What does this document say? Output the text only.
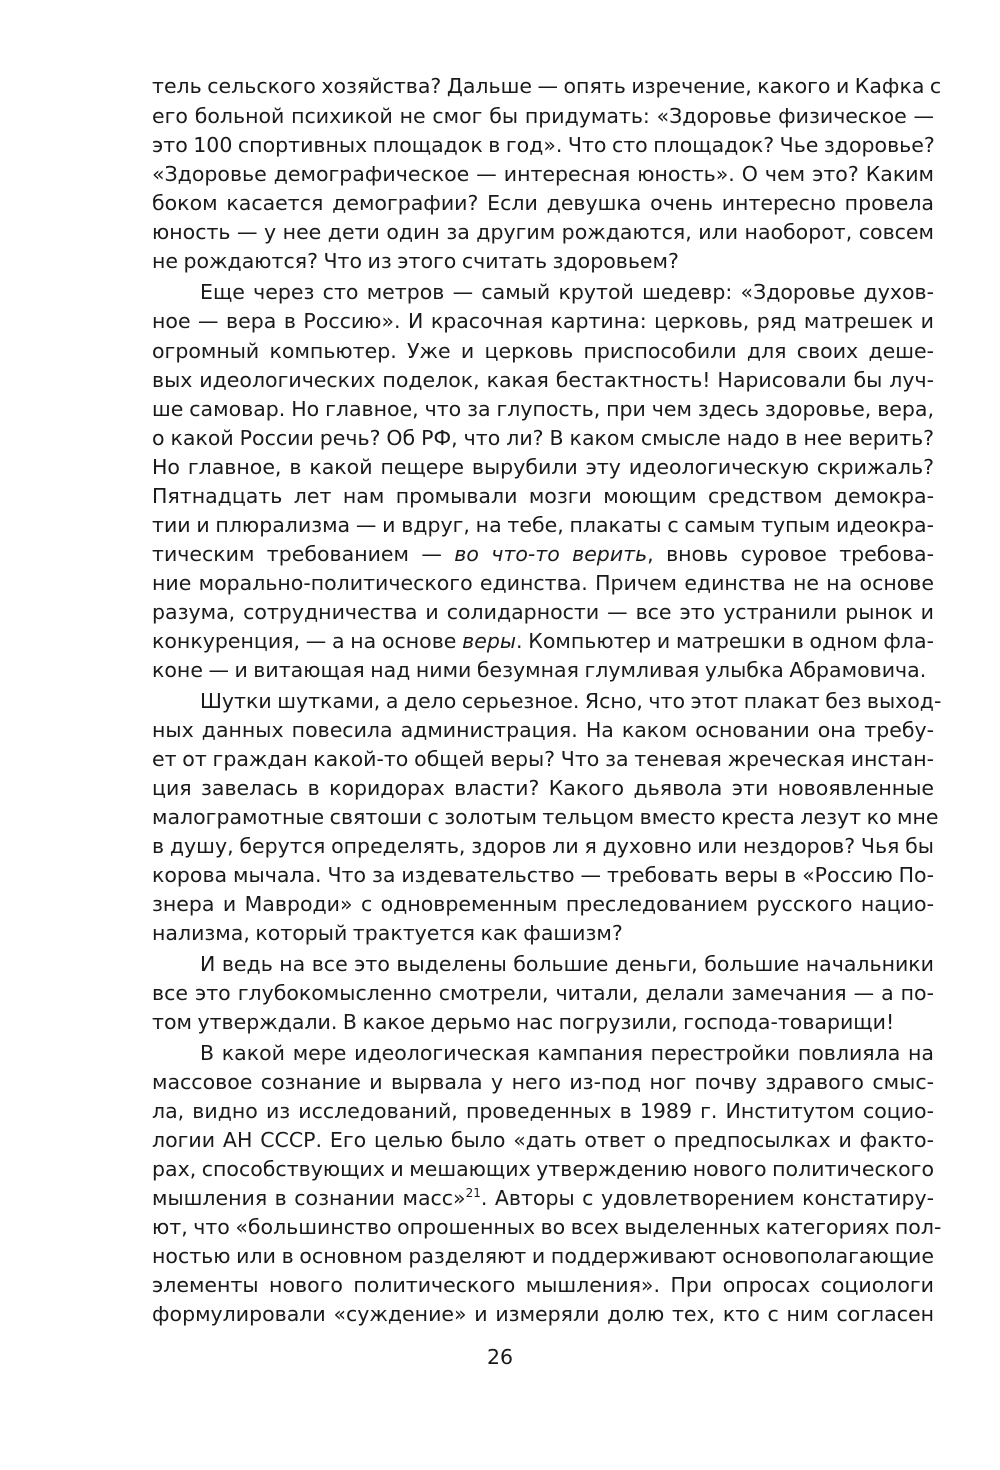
тель сельского хозяйства? Дальше — опять изречение, какого и Кафка с
его больной психикой не смог бы придумать: «Здоровье физическое —
это 100 спортивных площадок в год». Что сто площадок? Чье здоровье?
«Здоровье демографическое — интересная юность». О чем это? Каким
боком касается демографии? Если девушка очень интересно провела
юность — у нее дети один за другим рождаются, или наоборот, совсем
не рождаются? Что из этого считать здоровьем?
Еще через сто метров — самый крутой шедевр: «Здоровье духов-
ное — вера в Россию». И красочная картина: церковь, ряд матрешек и
огромный компьютер. Уже и церковь приспособили для своих деше-
вых идеологических поделок, какая бестактность! Нарисовали бы луч-
ше самовар. Но главное, что за глупость, при чем здесь здоровье, вера,
о какой России речь? Об РФ, что ли? В каком смысле надо в нее верить?
Но главное, в какой пещере вырубили эту идеологическую скрижаль?
Пятнадцать лет нам промывали мозги моющим средством демокра-
тии и плюрализма — и вдруг, на тебе, плакаты с самым тупым идеокра-
тическим требованием — во что-то верить, вновь суровое требова-
ние морально-политического единства. Причем единства не на основе
разума, сотрудничества и солидарности — все это устранили рынок и
конкуренция, — а на основе веры. Компьютер и матрешки в одном фла-
коне — и витающая над ними безумная глумливая улыбка Абрамовича.
Шутки шутками, а дело серьезное. Ясно, что этот плакат без выход-
ных данных повесила администрация. На каком основании она требу-
ет от граждан какой-то общей веры? Что за теневая жреческая инстан-
ция завелась в коридорах власти? Какого дьявола эти новоявленные
малограмотные святоши с золотым тельцом вместо креста лезут ко мне
в душу, берутся определять, здоров ли я духовно или нездоров? Чья бы
корова мычала. Что за издевательство — требовать веры в «Россию По-
знера и Мавроди» с одновременным преследованием русского нацио-
нализма, который трактуется как фашизм?
И ведь на все это выделены большие деньги, большие начальники
все это глубокомысленно смотрели, читали, делали замечания — а по-
том утверждали. В какое дерьмо нас погрузили, господа-товарищи!
В какой мере идеологическая кампания перестройки повлияла на
массовое сознание и вырвала у него из-под ног почву здравого смыс-
ла, видно из исследований, проведенных в 1989 г. Институтом социо-
логии АН СССР. Его целью было «дать ответ о предпосылках и факто-
рах, способствующих и мешающих утверждению нового политического
мышления в сознании масс»$^{21}$. Авторы с удовлетворением констатиру-
ют, что «большинство опрошенных во всех выделенных категориях пол-
ностью или в основном разделяют и поддерживают основополагающие
элементы нового политического мышления». При опросах социологи
формулировали «суждение» и измеряли долю тех, кто с ним согласен
26
